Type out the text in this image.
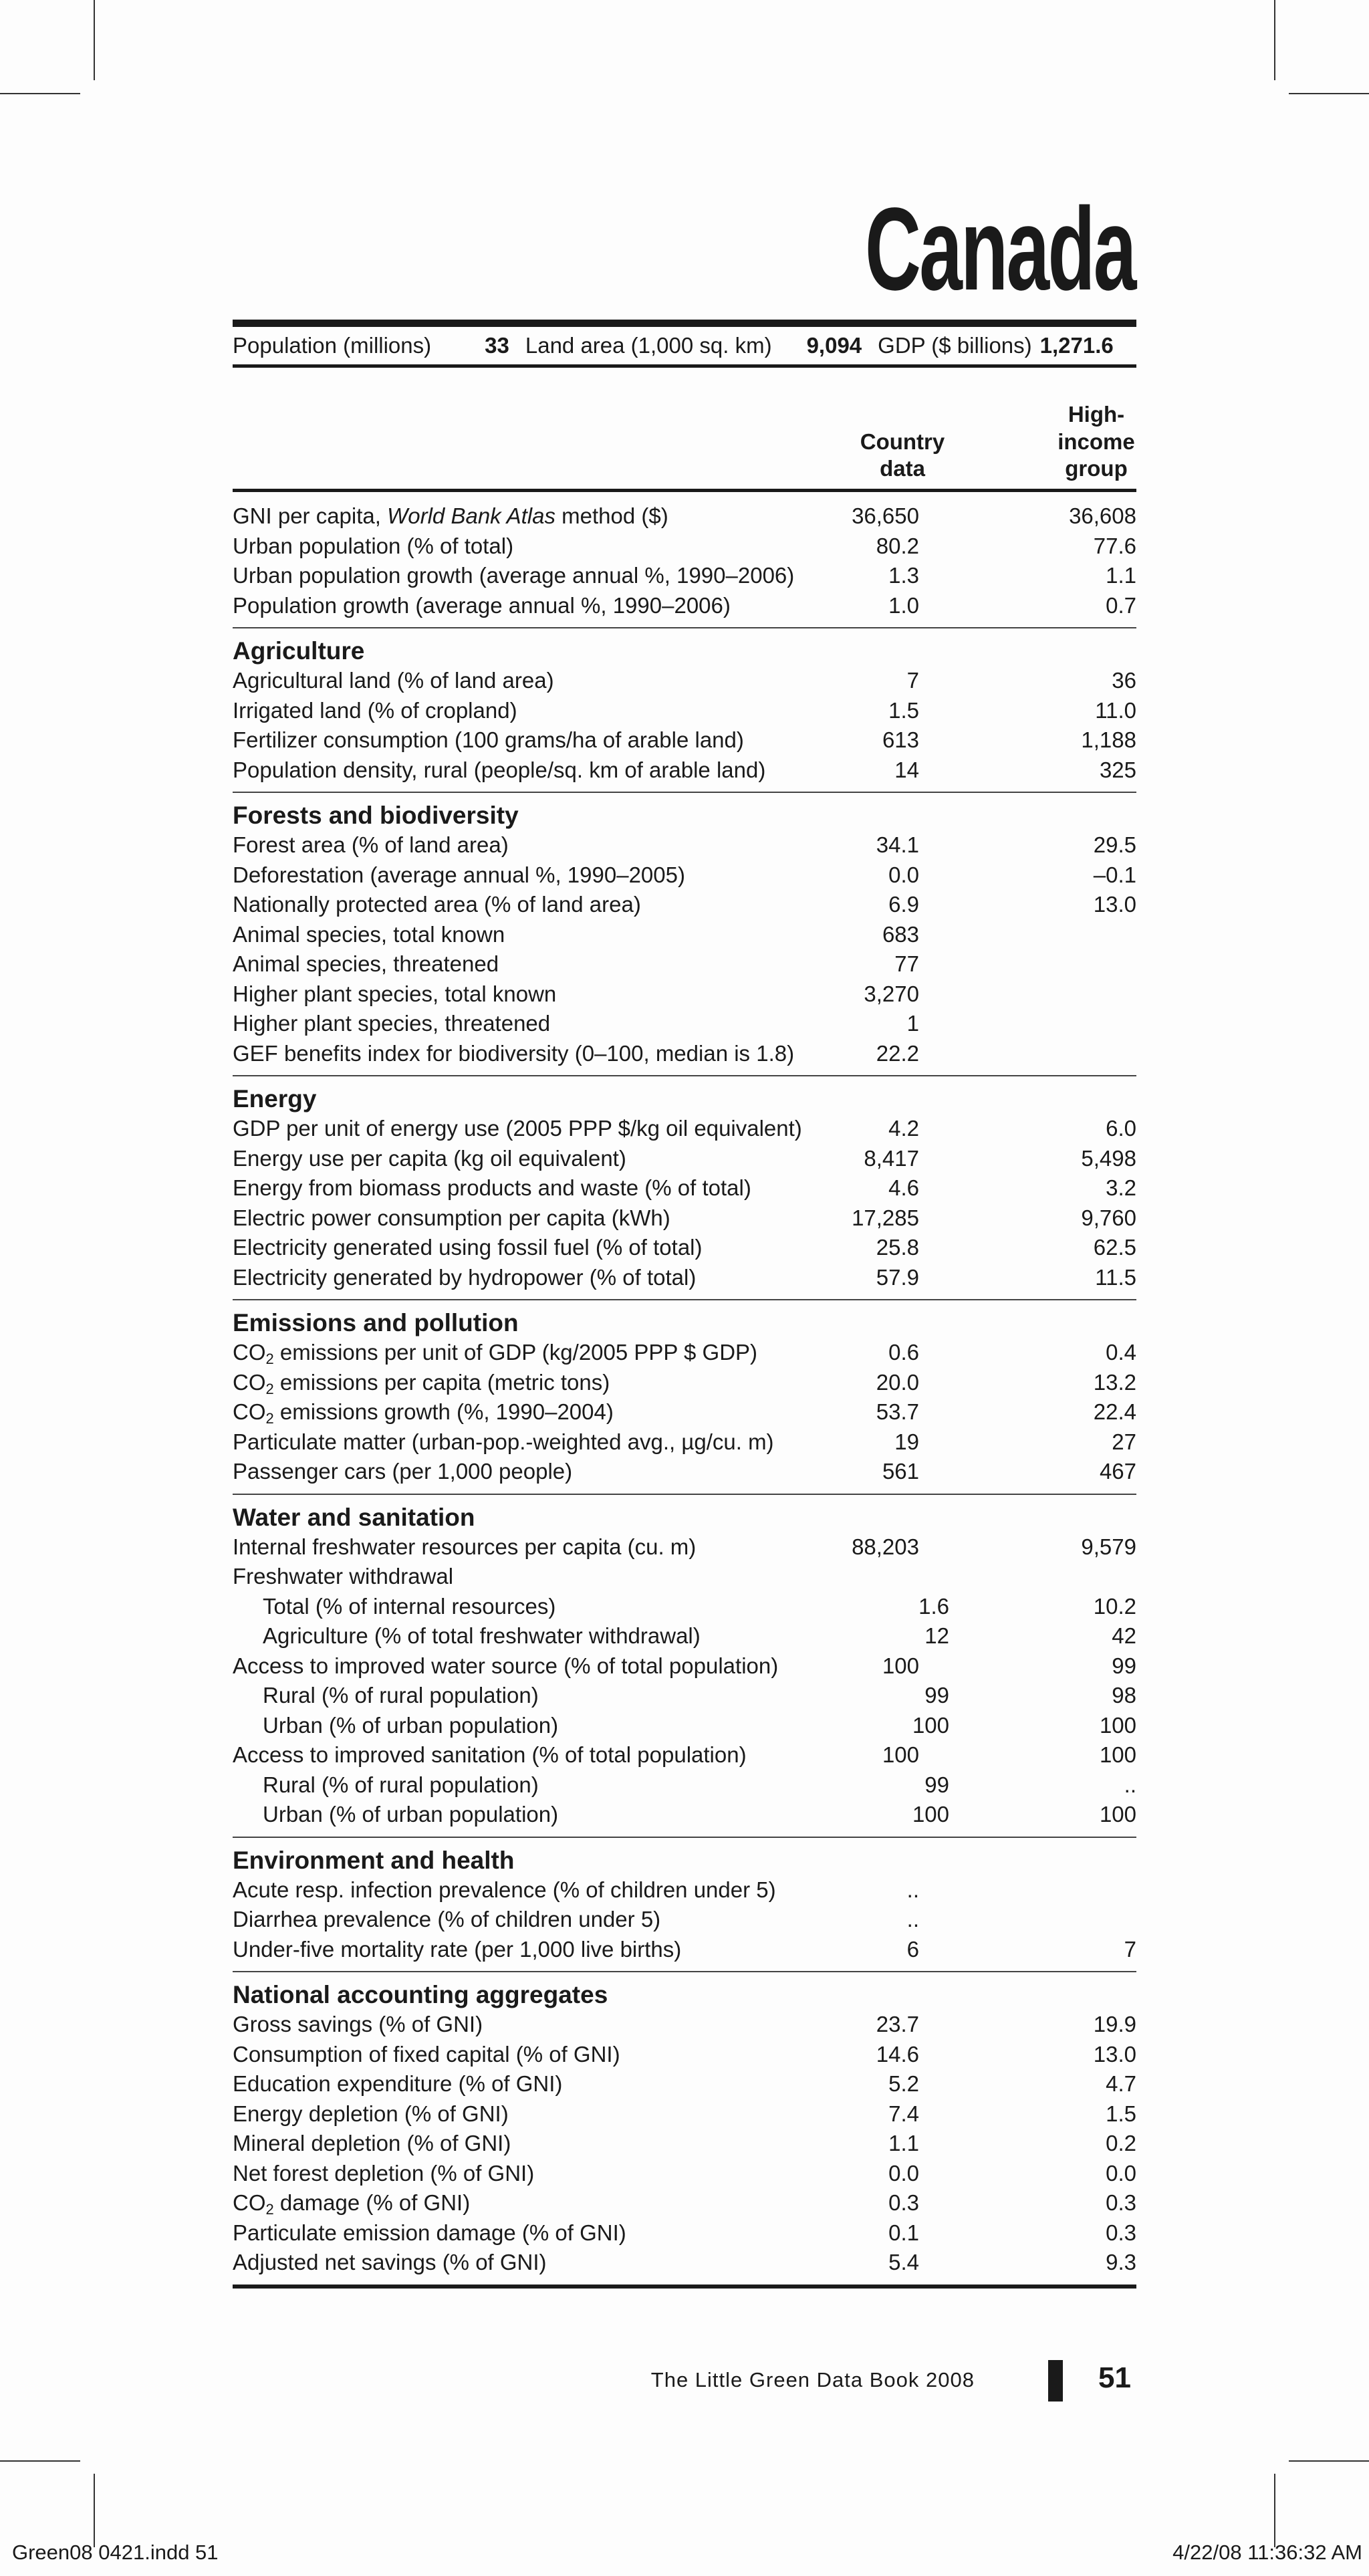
Canada
Population (millions) 33 Land area (1,000 sq. km) 9,094 GDP ($ billions) 1,271.6
Country
data
High-
income
group
GNI per capita, World Bank Atlas method ($)	36,650	36,608
Urban population (% of total)	80.2	77.6
Urban population growth (average annual %, 1990–2006)	1.3	1.1
Population growth (average annual %, 1990–2006)	1.0	0.7
Agriculture
Agricultural land (% of land area)	7	36
Irrigated land (% of cropland)	1.5	11.0
Fertilizer consumption (100 grams/ha of arable land)	613	1,188
Population density, rural (people/sq. km of arable land)	14	325
Forests and biodiversity
Forest area (% of land area)	34.1	29.5
Deforestation (average annual %, 1990–2005)	0.0	–0.1
Nationally protected area (% of land area)	6.9	13.0
Animal species, total known	683
Animal species, threatened	77
Higher plant species, total known	3,270
Higher plant species, threatened	1
GEF benefits index for biodiversity (0–100, median is 1.8)	22.2
Energy
GDP per unit of energy use (2005 PPP $/kg oil equivalent)	4.2	6.0
Energy use per capita (kg oil equivalent)	8,417	5,498
Energy from biomass products and waste (% of total)	4.6	3.2
Electric power consumption per capita (kWh)	17,285	9,760
Electricity generated using fossil fuel (% of total)	25.8	62.5
Electricity generated by hydropower (% of total)	57.9	11.5
Emissions and pollution
$CO_2$ emissions per unit of GDP (kg/2005 PPP $ GDP)	0.6	0.4
$CO_2$ emissions per capita (metric tons)	20.0	13.2
$CO_2$ emissions growth (%, 1990–2004)	53.7	22.4
Particulate matter (urban-pop.-weighted avg., µg/cu. m)	19	27
Passenger cars (per 1,000 people)	561	467
Water and sanitation
Internal freshwater resources per capita (cu. m)	88,203	9,579
Freshwater withdrawal
Total (% of internal resources)	1.6	10.2
Agriculture (% of total freshwater withdrawal)	12	42
Access to improved water source (% of total population)	100	99
Rural (% of rural population)	99	98
Urban (% of urban population)	100	100
Access to improved sanitation (% of total population)	100	100
Rural (% of rural population)	99	..
Urban (% of urban population)	100	100
Environment and health
Acute resp. infection prevalence (% of children under 5)	..
Diarrhea prevalence (% of children under 5)	..
Under-five mortality rate (per 1,000 live births)	6	7
National accounting aggregates
Gross savings (% of GNI)	23.7	19.9
Consumption of fixed capital (% of GNI)	14.6	13.0
Education expenditure (% of GNI)	5.2	4.7
Energy depletion (% of GNI)	7.4	1.5
Mineral depletion (% of GNI)	1.1	0.2
Net forest depletion (% of GNI)	0.0	0.0
$CO_2$ damage (% of GNI)	0.3	0.3
Particulate emission damage (% of GNI)	0.1	0.3
Adjusted net savings (% of GNI)	5.4	9.3
The Little Green Data Book 2008	51
Green08 0421.indd 51	4/22/08 11:36:32 AM
